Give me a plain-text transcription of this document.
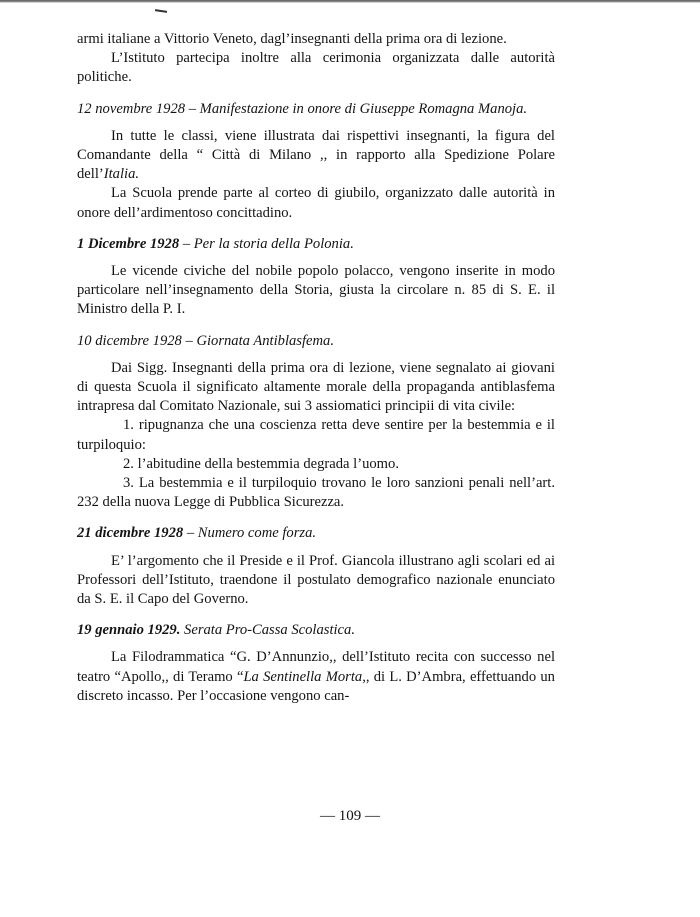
armi italiane a Vittorio Veneto, dagl’insegnanti della prima ora di lezione.

L’Istituto partecipa inoltre alla cerimonia organizzata dalle autorità politiche.

12 novembre 1928 – Manifestazione in onore di Giuseppe Romagna Manoja.

In tutte le classi, viene illustrata dai rispettivi insegnanti, la figura del Comandante della “ Città di Milano ,, in rapporto alla Spedizione Polare dell’Italia.

La Scuola prende parte al corteo di giubilo, organizzato dalle autorità in onore dell’ardimentoso concittadino.

1 Dicembre 1928 – Per la storia della Polonia.

Le vicende civiche del nobile popolo polacco, vengono inserite in modo particolare nell’insegnamento della Storia, giusta la circolare n. 85 di S. E. il Ministro della P. I.

10 dicembre 1928 – Giornata Antiblasfema.

Dai Sigg. Insegnanti della prima ora di lezione, viene segnalato ai giovani di questa Scuola il significato altamente morale della propaganda antiblasfema intrapresa dal Comitato Nazionale, sui 3 assiomatici principii di vita civile:

1. ripugnanza che una coscienza retta deve sentire per la bestemmia e il turpiloquio:

2. l’abitudine della bestemmia degrada l’uomo.

3. La bestemmia e il turpiloquio trovano le loro sanzioni penali nell’art. 232 della nuova Legge di Pubblica Sicurezza.

21 dicembre 1928 – Numero come forza.

E’ l’argomento che il Preside e il Prof. Giancola illustrano agli scolari ed ai Professori dell’Istituto, traendone il postulato demografico nazionale enunciato da S. E. il Capo del Governo.

19 gennaio 1929. Serata Pro-Cassa Scolastica.

La Filodrammatica “G. D’Annunzio,, dell’Istituto recita con successo nel teatro “Apollo,, di Teramo “La Sentinella Morta,, di L. D’Ambra, effettuando un discreto incasso. Per l’occasione vengono can-

— 109 —
